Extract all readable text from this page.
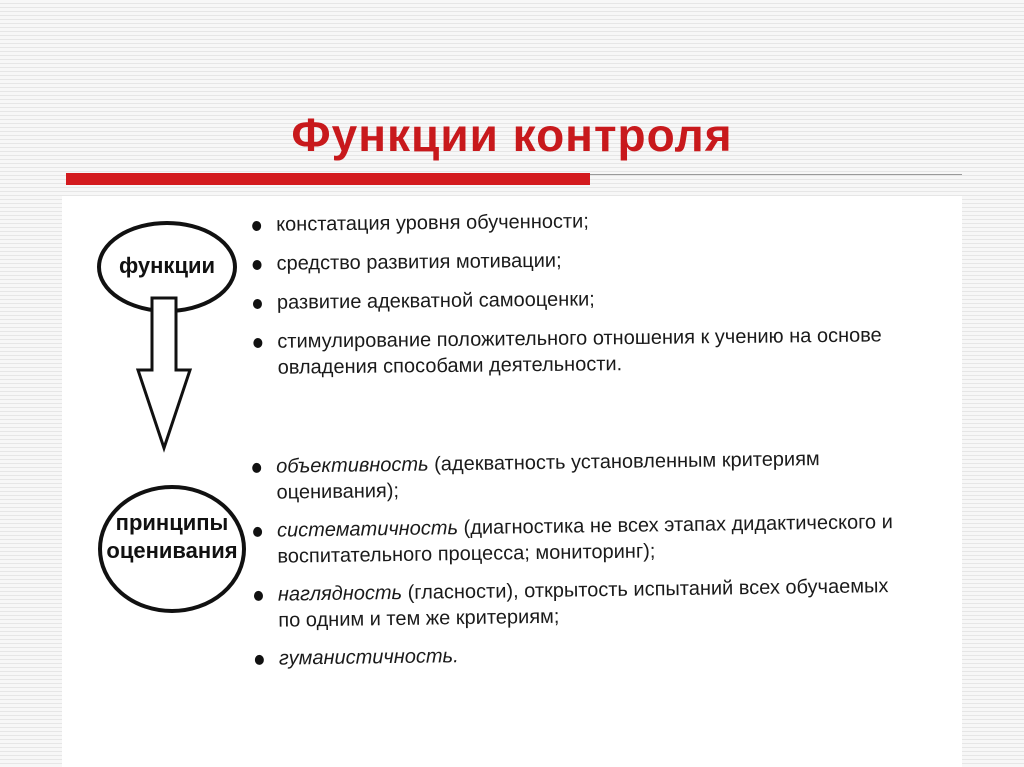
Функции контроля
функции
принципы
оценивания
констатация уровня обученности;
средство развития мотивации;
развитие адекватной самооценки;
стимулирование положительного отношения к учению на основе овладения способами деятельности.
объективность (адекватность установленным критериям оценивания);
систематичность (диагностика не всех этапах дидактического и воспитательного процесса; мониторинг);
наглядность (гласности), открытость испытаний всех обучаемых по одним и тем же критериям;
гуманистичность.
